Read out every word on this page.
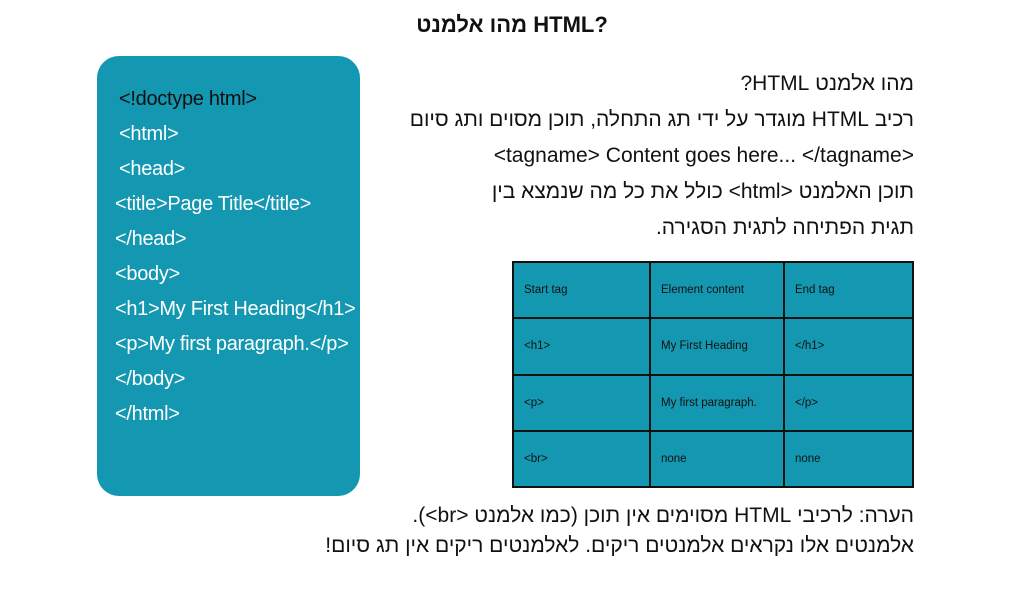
מהו אלמנט HTML?
<!doctype html>
<html>
<head>
<title>Page Title</title>
</head>
<body>
<h1>My First Heading</h1>
<p>My first paragraph.</p>
</body>
</html>
מהו אלמנט HTML?
רכיב HTML מוגדר על ידי תג התחלה, תוכן מסוים ותג סיום
<tagname> Content goes here... </tagname>
תוכן האלמנט <html> כולל את כל מה שנמצא בין
תגית הפתיחה לתגית הסגירה.
Start tag	Element content	End tag
<h1>	My First Heading	</h1>
<p>	My first paragraph.	</p>
<br>	none	none
הערה: לרכיבי HTML מסוימים אין תוכן (כמו אלמנט <br>).
אלמנטים אלו נקראים אלמנטים ריקים. לאלמנטים ריקים אין תג סיום!
